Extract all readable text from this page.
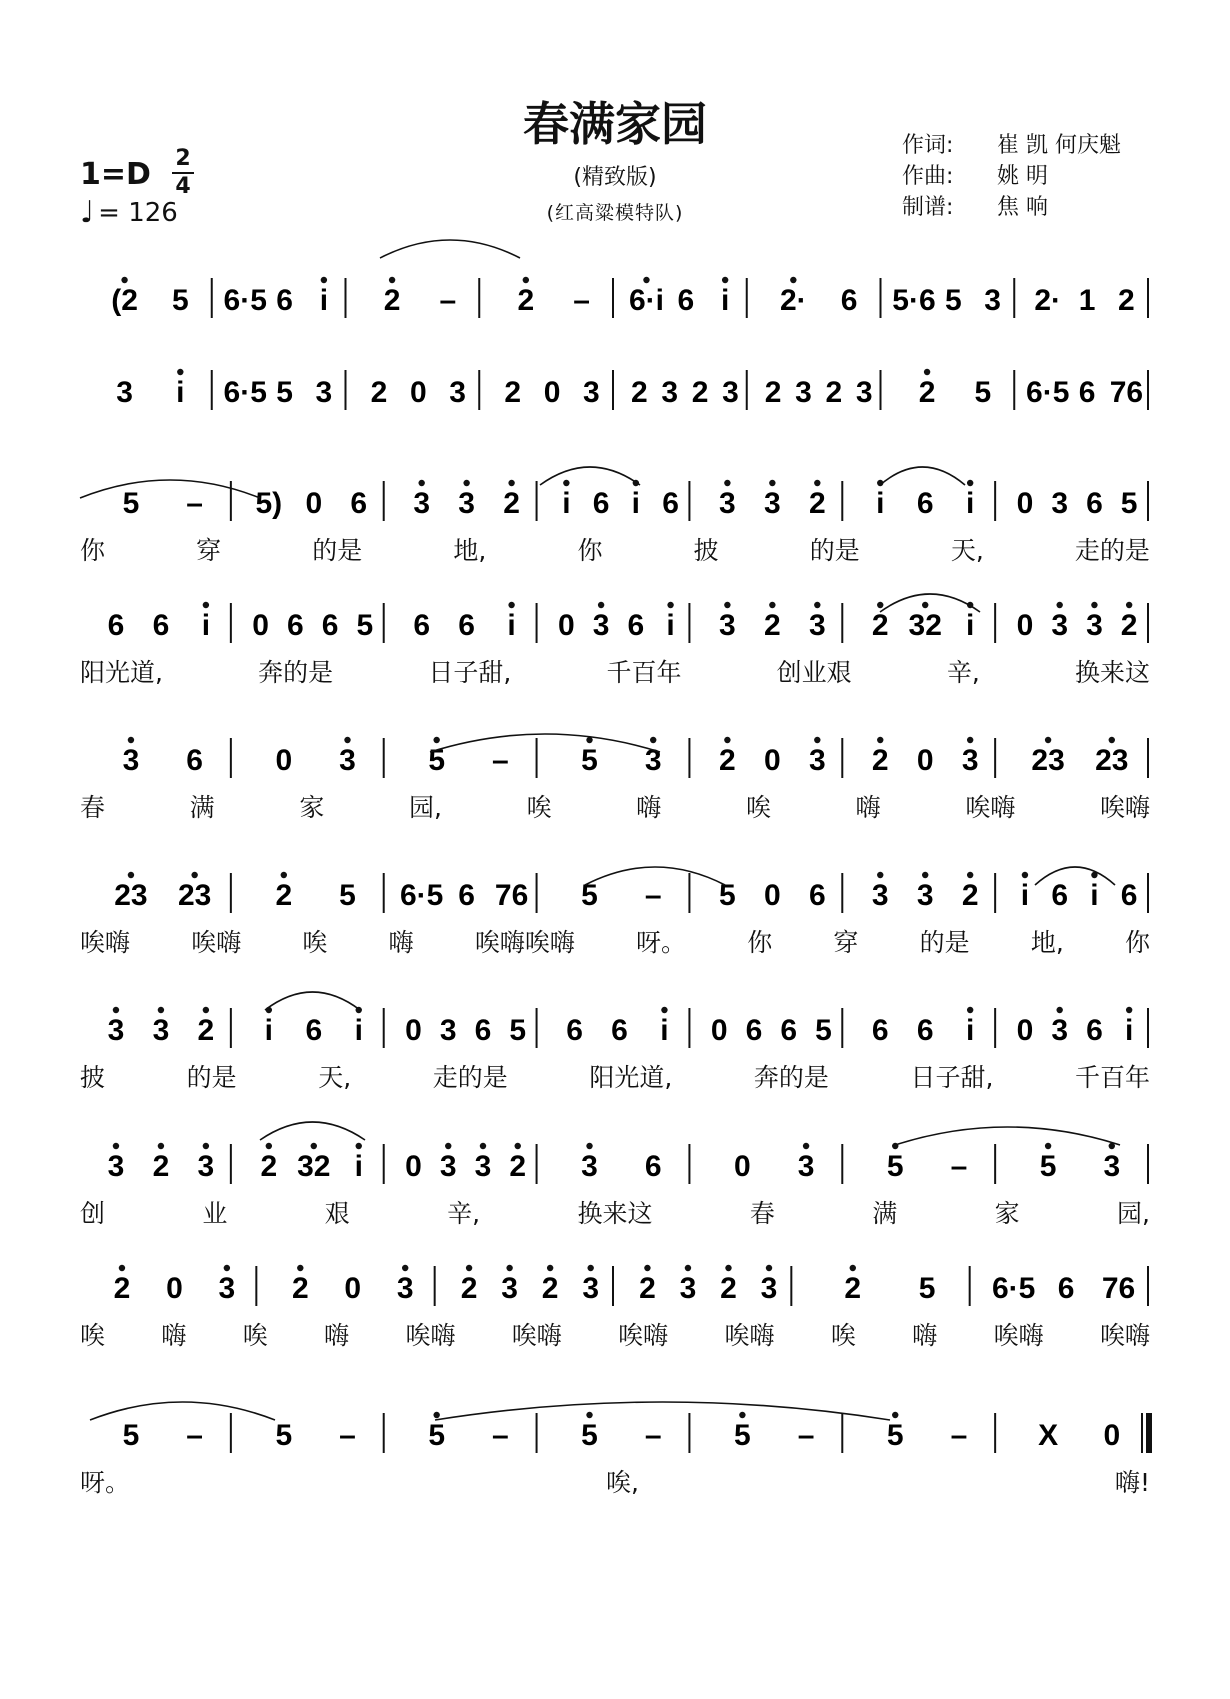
春满家园
(精致版)
(红高粱模特队)
作词:	崔 凯 何庆魁
作曲:	姚 明
制谱:	焦 响
1=D 2
4
♩ = 126
(2 5 6·5 6 i 2 – 2 – 6·i 6 i 2· 6 5·6 5 3 2· 1 2
3 i 6·5 5 3 2 0 3 2 0 3 2 3 2 3 2 3 2 3 2 5 6·5 6 76
5 – 5) 0 6 3 3 2 i 6 i 6 3 3 2 i 6 i 0 3 6 5
6 6 i 0 6 6 5 6 6 i 0 3 6 i 3 2 3 2 32 i 0 3 3 2
3 6 0 3 5 – 5 3 2 0 3 2 0 3 23 23
23 23 2 5 6·5 6 76 5 – 5 0 6 3 3 2 i 6 i 6
3 3 2 i 6 i 0 3 6 5 6 6 i 0 6 6 5 6 6 i 0 3 6 i
3 2 3 2 32 i 0 3 3 2 3 6 0 3 5 – 5 3
2 0 3 2 0 3 2 3 2 3 2 3 2 3 2 5 6·5 6 76
5 – 5 – 5 – 5 – 5 – 5 – X 0
你	穿	的是	地,	你	披	的是	天,	走的是
阳光道,	奔的是	日子甜,	千百年	创业艰	辛,	换来这
春	满	家	园,	唉	嗨	唉	嗨	唉嗨	唉嗨
唉嗨 唉嗨 唉 嗨 唉嗨唉嗨 呀。 你 穿 的是 地, 你
披	的是	天,	走的是	阳光道,	奔的是	日子甜,	千百年
创	业	艰	辛,	换来这	春	满	家	园,
唉 嗨 唉 嗨 唉嗨 唉嗨 唉嗨 唉嗨 唉 嗨 唉嗨 唉嗨
呀。	唉,	嗨!
